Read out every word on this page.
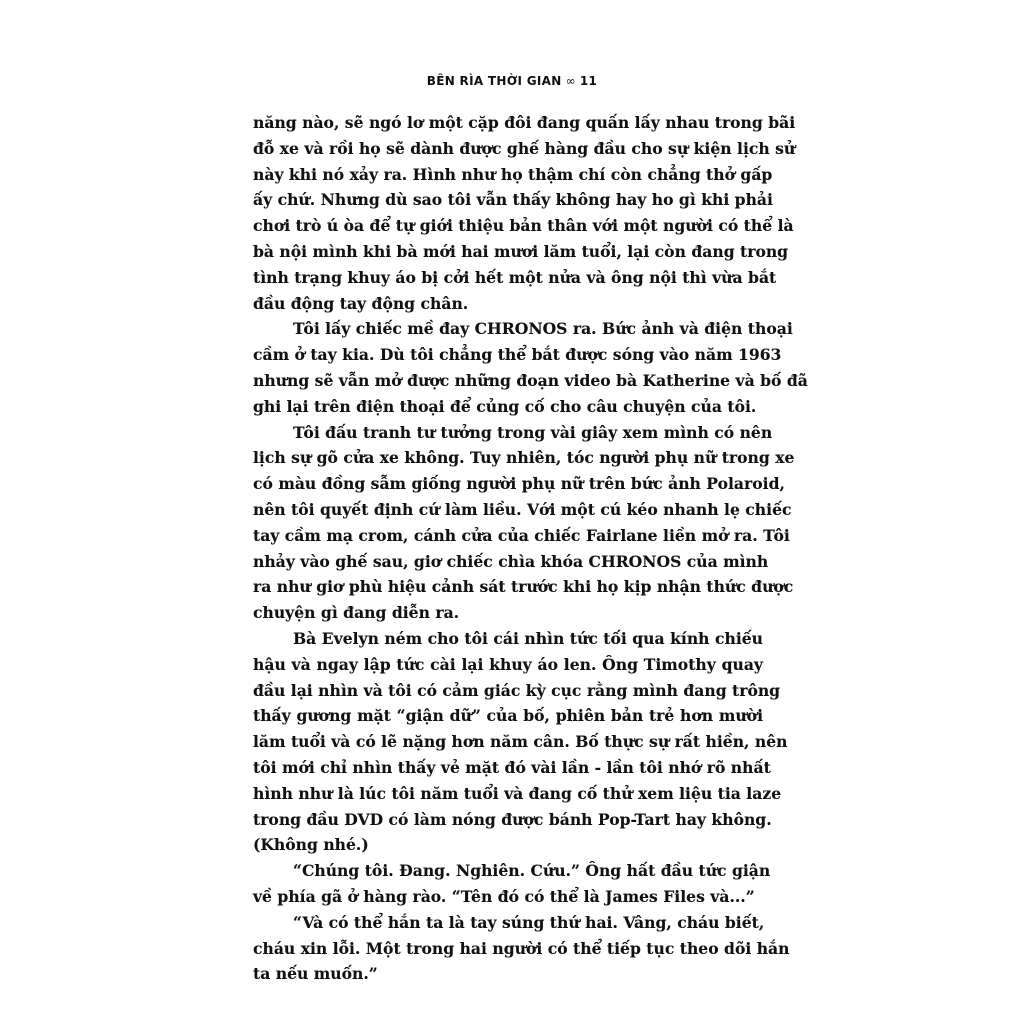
BÊN RÌA THỜI GIAN ∞ 11
năng nào, sẽ ngó lơ một cặp đôi đang quấn lấy nhau trong bãi
đỗ xe và rồi họ sẽ dành được ghế hàng đầu cho sự kiện lịch sử
này khi nó xảy ra. Hình như họ thậm chí còn chẳng thở gấp
ấy chứ. Nhưng dù sao tôi vẫn thấy không hay ho gì khi phải
chơi trò ú òa để tự giới thiệu bản thân với một người có thể là
bà nội mình khi bà mới hai mươi lăm tuổi, lại còn đang trong
tình trạng khuy áo bị cởi hết một nửa và ông nội thì vừa bắt
đầu động tay động chân.
Tôi lấy chiếc mề đay CHRONOS ra. Bức ảnh và điện thoại
cầm ở tay kia. Dù tôi chẳng thể bắt được sóng vào năm 1963
nhưng sẽ vẫn mở được những đoạn video bà Katherine và bố đã
ghi lại trên điện thoại để củng cố cho câu chuyện của tôi.
Tôi đấu tranh tư tưởng trong vài giây xem mình có nên
lịch sự gõ cửa xe không. Tuy nhiên, tóc người phụ nữ trong xe
có màu đồng sẫm giống người phụ nữ trên bức ảnh Polaroid,
nên tôi quyết định cứ làm liều. Với một cú kéo nhanh lẹ chiếc
tay cầm mạ crom, cánh cửa của chiếc Fairlane liền mở ra. Tôi
nhảy vào ghế sau, giơ chiếc chìa khóa CHRONOS của mình
ra như giơ phù hiệu cảnh sát trước khi họ kịp nhận thức được
chuyện gì đang diễn ra.
Bà Evelyn ném cho tôi cái nhìn tức tối qua kính chiếu
hậu và ngay lập tức cài lại khuy áo len. Ông Timothy quay
đầu lại nhìn và tôi có cảm giác kỳ cục rằng mình đang trông
thấy gương mặt “giận dữ” của bố, phiên bản trẻ hơn mười
lăm tuổi và có lẽ nặng hơn năm cân. Bố thực sự rất hiền, nên
tôi mới chỉ nhìn thấy vẻ mặt đó vài lần - lần tôi nhớ rõ nhất
hình như là lúc tôi năm tuổi và đang cố thử xem liệu tia laze
trong đầu DVD có làm nóng được bánh Pop-Tart hay không.
(Không nhé.)
“Chúng tôi. Đang. Nghiên. Cứu.” Ông hất đầu tức giận
về phía gã ở hàng rào. “Tên đó có thể là James Files và...”
“Và có thể hắn ta là tay súng thứ hai. Vâng, cháu biết,
cháu xin lỗi. Một trong hai người có thể tiếp tục theo dõi hắn
ta nếu muốn.”
